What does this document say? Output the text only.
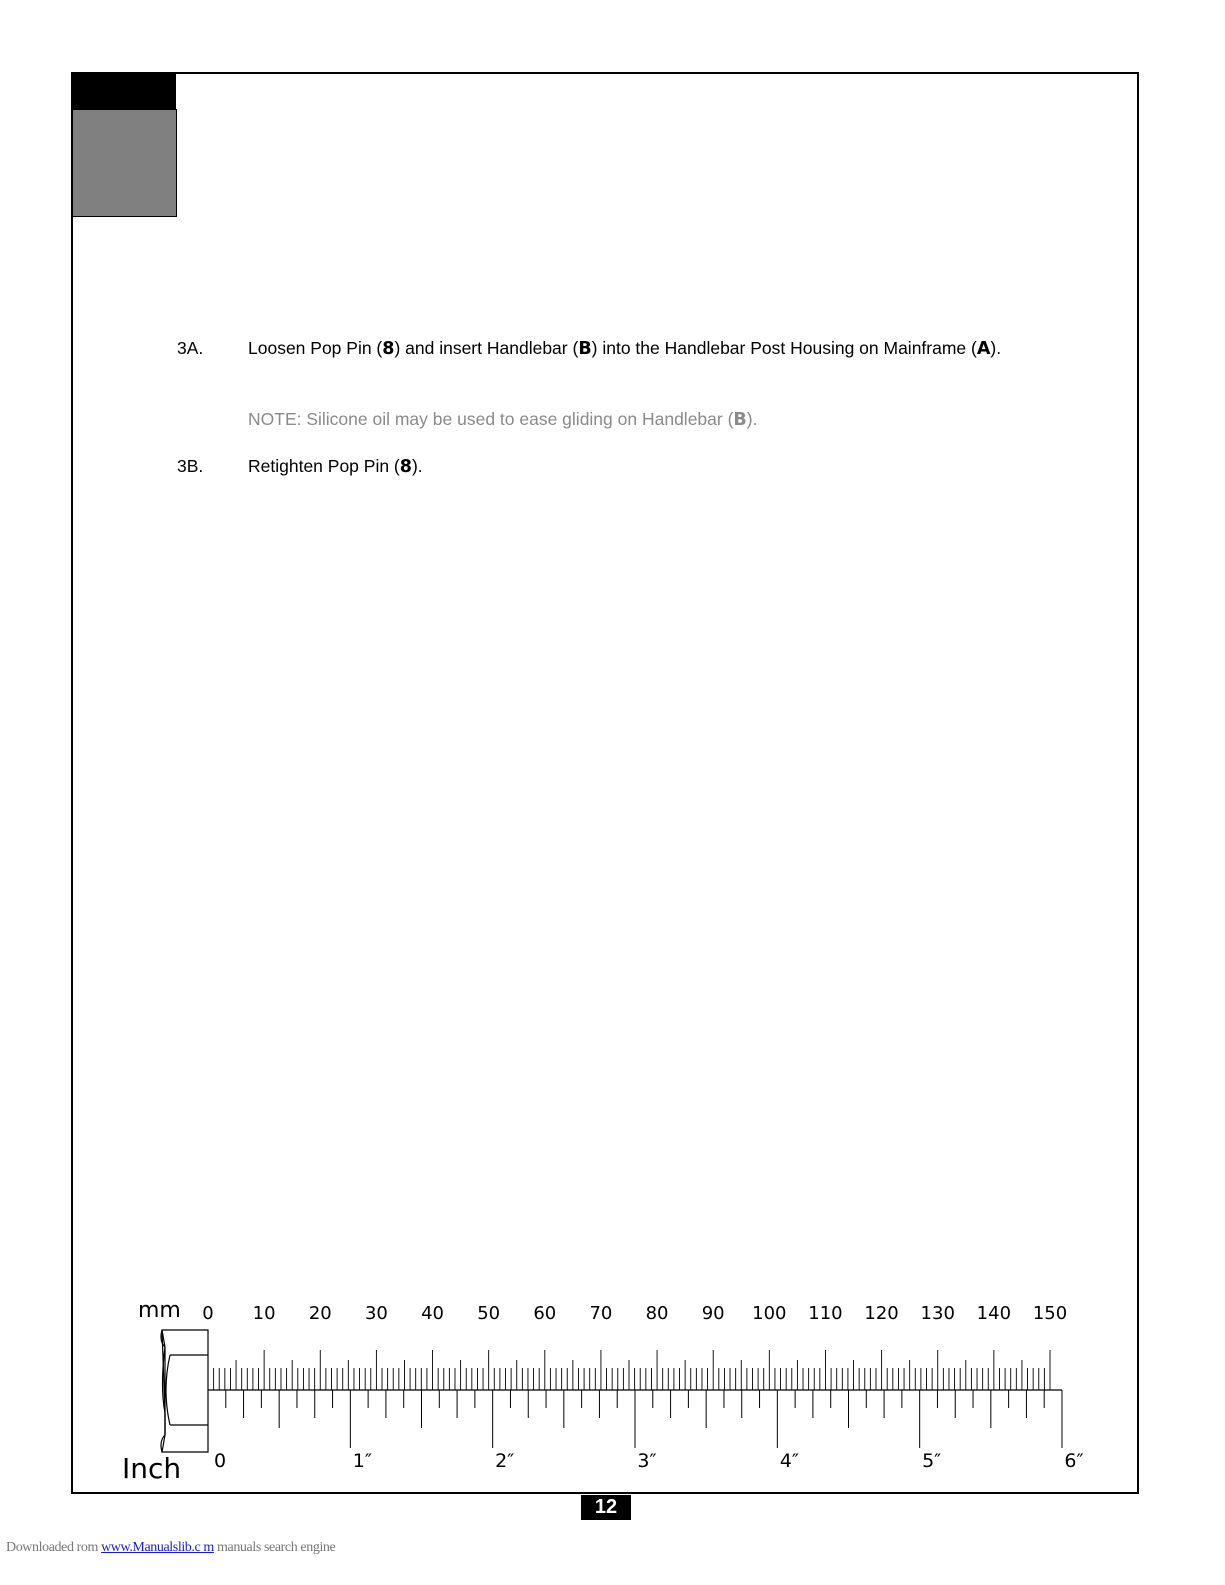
3A.	Loosen Pop Pin (8) and insert Handlebar (B) into the Handlebar Post Housing on Mainframe (A).
NOTE: Silicone oil may be used to ease gliding on Handlebar (B).
3B.	Retighten Pop Pin (8).
mm
Inch
0 10 20 30 40 50 60 70 80 90 100 110 120 130 140 150
0	1″	2″	3″	4″	5″	6″
12
Downloaded rom www.Manualslib.c m manuals search engine
